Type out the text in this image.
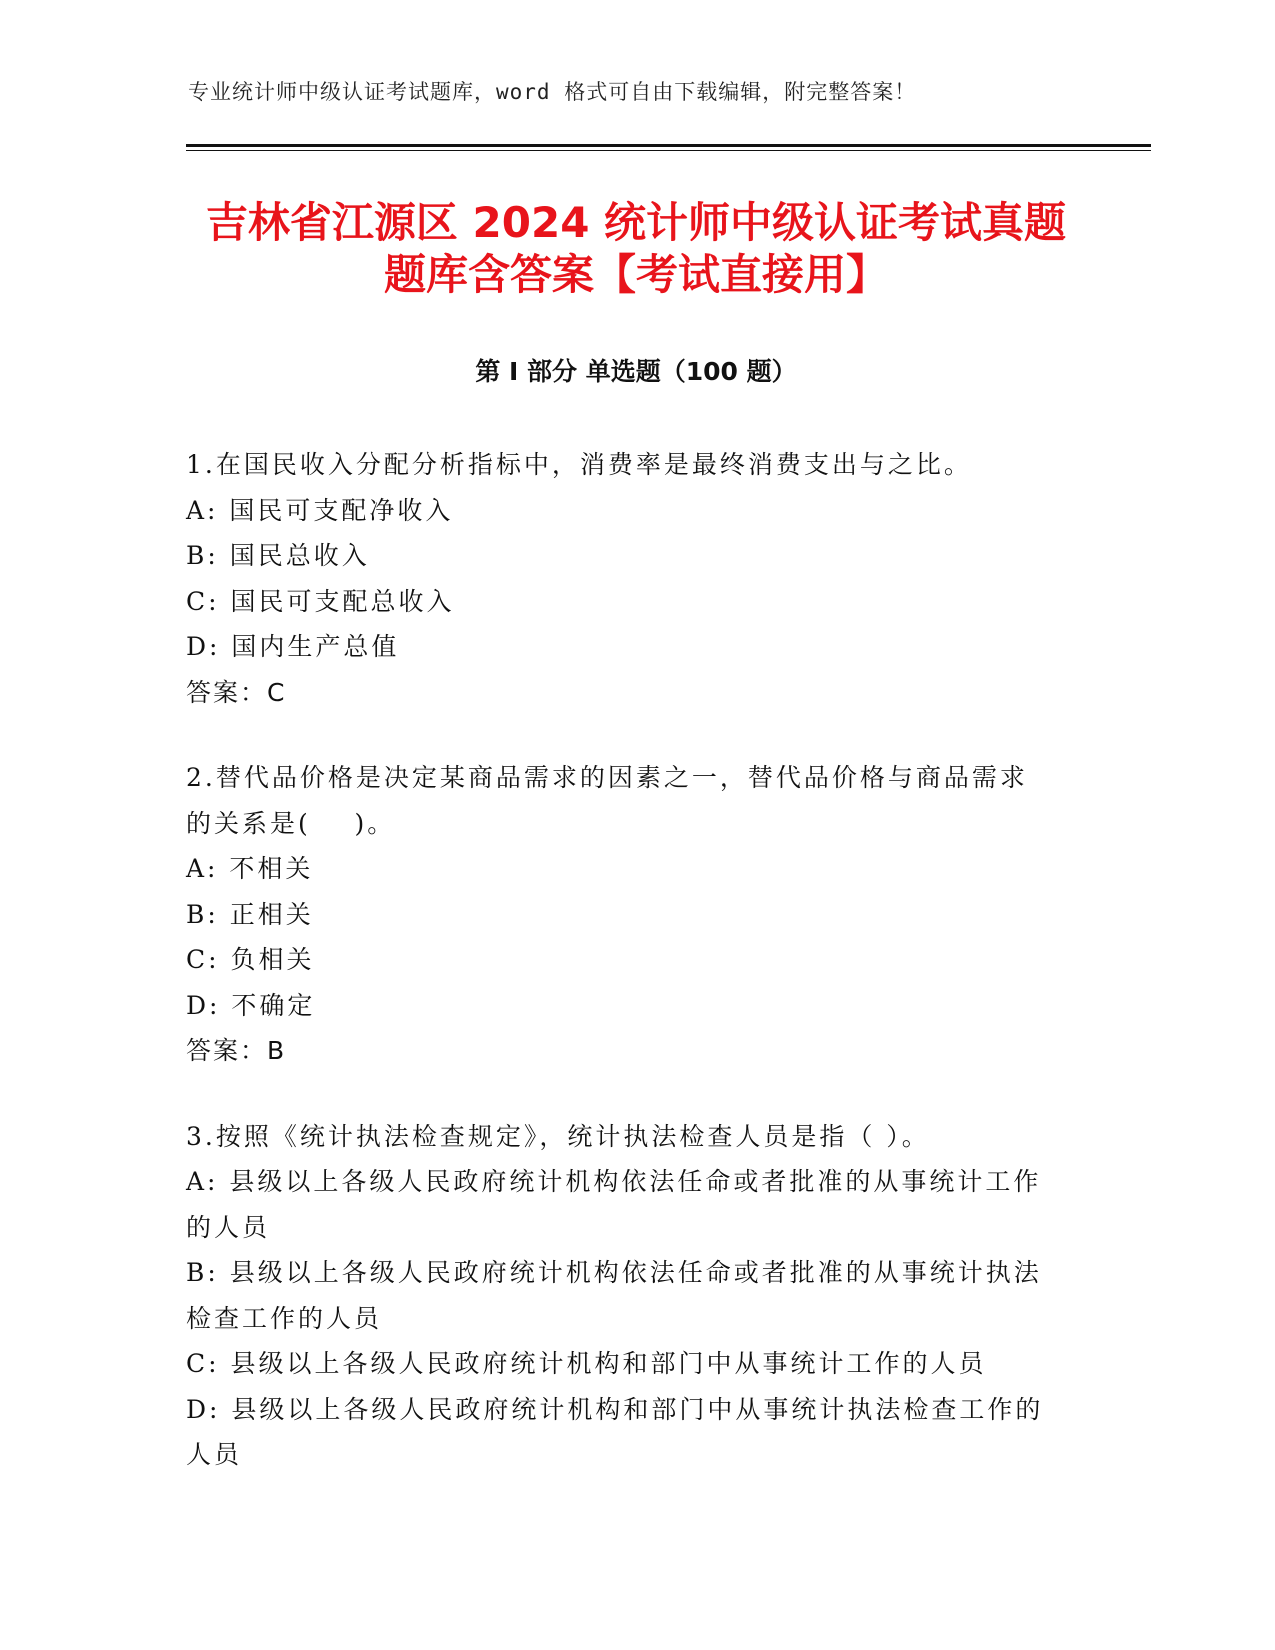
专业统计师中级认证考试题库，word 格式可自由下载编辑，附完整答案！
吉林省江源区 2024 统计师中级认证考试真题
题库含答案【考试直接用】
第 I 部分 单选题（100 题）

1.在国民收入分配分析指标中，消费率是最终消费支出与之比。

A: 国民可支配净收入

B: 国民总收入

C: 国民可支配总收入

D: 国内生产总值

答案：C

2.替代品价格是决定某商品需求的因素之一，替代品价格与商品需求

的关系是(    )。

A: 不相关

B: 正相关

C: 负相关

D: 不确定

答案：B

3.按照《统计执法检查规定》，统计执法检查人员是指（ ）。

A: 县级以上各级人民政府统计机构依法任命或者批准的从事统计工作

的人员

B: 县级以上各级人民政府统计机构依法任命或者批准的从事统计执法

检查工作的人员

C: 县级以上各级人民政府统计机构和部门中从事统计工作的人员

D: 县级以上各级人民政府统计机构和部门中从事统计执法检查工作的

人员
